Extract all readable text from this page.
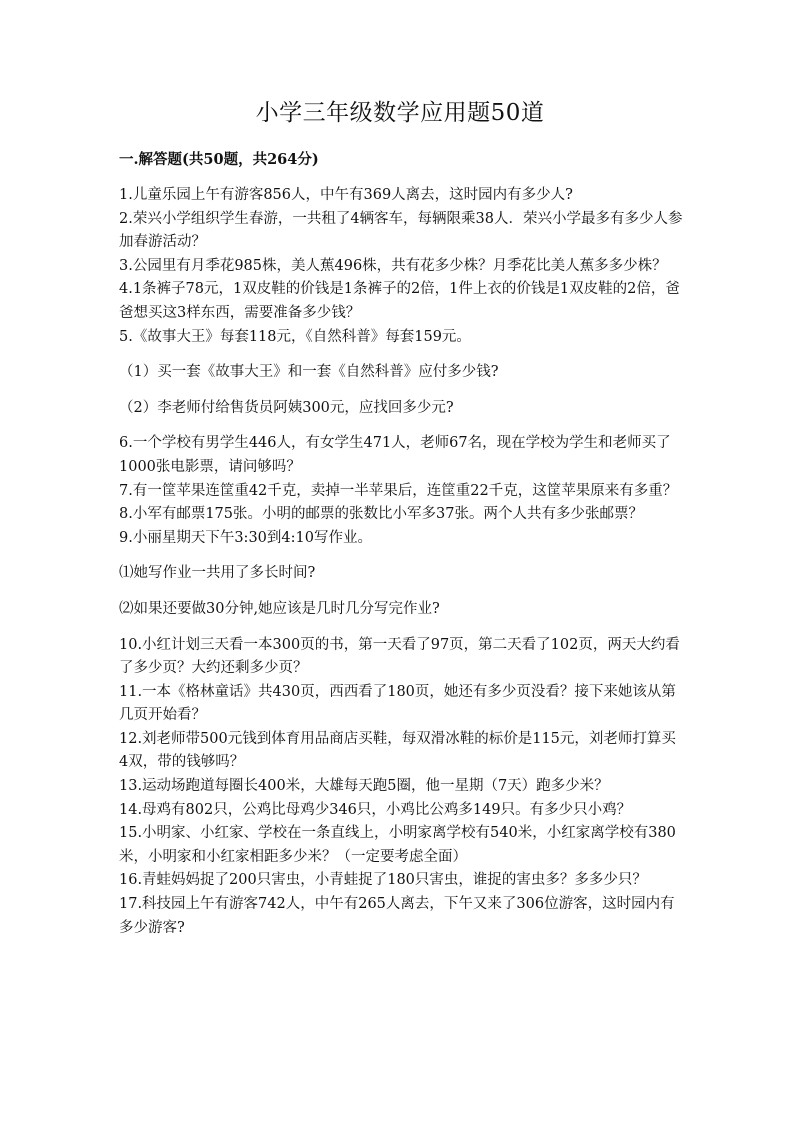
小学三年级数学应用题50道
一.解答题(共50题，共264分)

1.儿童乐园上午有游客856人，中午有369人离去，这时园内有多少人?

2.荣兴小学组织学生春游，一共租了4辆客车，每辆限乘38人．荣兴小学最多有多少人参加春游活动？

3.公园里有月季花985株，美人蕉496株，共有花多少株？月季花比美人蕉多多少株？

4.1条裤子78元，1双皮鞋的价钱是1条裤子的2倍，1件上衣的价钱是1双皮鞋的2倍，爸爸想买这3样东西，需要准备多少钱？

5.《故事大王》每套118元，《自然科普》每套159元。

（1）买一套《故事大王》和一套《自然科普》应付多少钱?

（2）李老师付给售货员阿姨300元，应找回多少元?

6.一个学校有男学生446人，有女学生471人，老师67名，现在学校为学生和老师买了1000张电影票，请问够吗？

7.有一筐苹果连筐重42千克，卖掉一半苹果后，连筐重22千克，这筐苹果原来有多重？

8.小军有邮票175张。小明的邮票的张数比小军多37张。两个人共有多少张邮票？

9.小丽星期天下午3:30到4:10写作业。

⑴她写作业一共用了多长时间?

⑵如果还要做30分钟,她应该是几时几分写完作业?

10.小红计划三天看一本300页的书，第一天看了97页，第二天看了102页，两天大约看了多少页？大约还剩多少页？

11.一本《格林童话》共430页，西西看了180页，她还有多少页没看？接下来她该从第几页开始看？

12.刘老师带500元钱到体育用品商店买鞋，每双滑冰鞋的标价是115元，刘老师打算买4双，带的钱够吗？

13.运动场跑道每圈长400米，大雄每天跑5圈，他一星期（7天）跑多少米？

14.母鸡有802只，公鸡比母鸡少346只，小鸡比公鸡多149只。有多少只小鸡？

15.小明家、小红家、学校在一条直线上，小明家离学校有540米，小红家离学校有380米，小明家和小红家相距多少米？（一定要考虑全面）

16.青蛙妈妈捉了200只害虫，小青蛙捉了180只害虫，谁捉的害虫多？多多少只？

17.科技园上午有游客742人，中午有265人离去，下午又来了306位游客，这时园内有多少游客?
